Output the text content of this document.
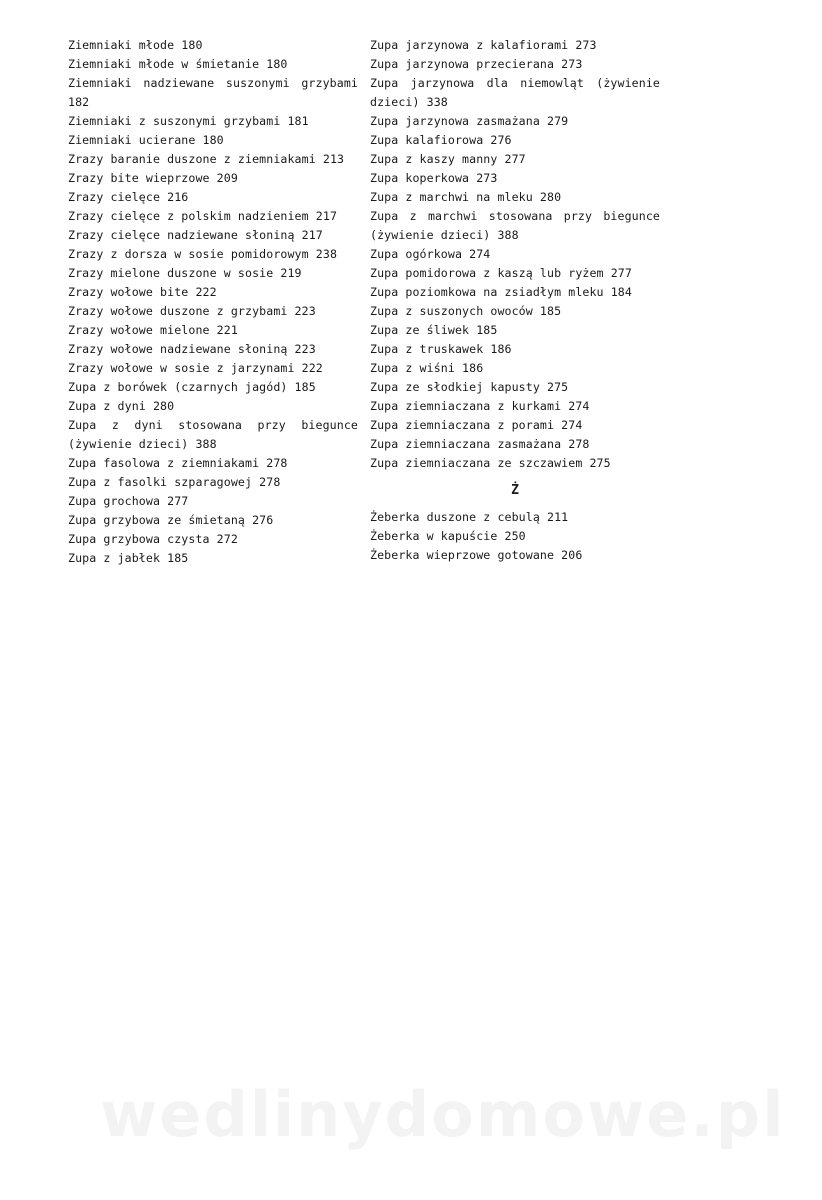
Ziemniaki młode 180
Ziemniaki młode w śmietanie 180
Ziemniaki nadziewane suszonymi grzybami 182
Ziemniaki z suszonymi grzybami 181
Ziemniaki ucierane 180
Zrazy baranie duszone z ziemniakami 213
Zrazy bite wieprzowe 209
Zrazy cielęce 216
Zrazy cielęce z polskim nadzieniem 217
Zrazy cielęce nadziewane słoniną 217
Zrazy z dorsza w sosie pomidorowym 238
Zrazy mielone duszone w sosie 219
Zrazy wołowe bite 222
Zrazy wołowe duszone z grzybami 223
Zrazy wołowe mielone 221
Zrazy wołowe nadziewane słoniną 223
Zrazy wołowe w sosie z jarzynami 222
Zupa z borówek (czarnych jagód) 185
Zupa z dyni 280
Zupa z dyni stosowana przy biegunce (żywienie dzieci) 388
Zupa fasolowa z ziemniakami 278
Zupa z fasolki szparagowej 278
Zupa grochowa 277
Zupa grzybowa ze śmietaną 276
Zupa grzybowa czysta 272
Zupa z jabłek 185
Zupa jarzynowa z kalafiorami 273
Zupa jarzynowa przecierana 273
Zupa jarzynowa dla niemowląt (żywienie dzieci) 338
Zupa jarzynowa zasmażana 279
Zupa kalafiorowa 276
Zupa z kaszy manny 277
Zupa koperkowa 273
Zupa z marchwi na mleku 280
Zupa z marchwi stosowana przy biegunce (żywienie dzieci) 388
Zupa ogórkowa 274
Zupa pomidorowa z kaszą lub ryżem 277
Zupa poziomkowa na zsiadłym mleku 184
Zupa z suszonych owoców 185
Zupa ze śliwek 185
Zupa z truskawek 186
Zupa z wiśni 186
Zupa ze słodkiej kapusty 275
Zupa ziemniaczana z kurkami 274
Zupa ziemniaczana z porami 274
Zupa ziemniaczana zasmażana 278
Zupa ziemniaczana ze szczawiem 275
Ż
Żeberka duszone z cebulą 211
Żeberka w kapuście 250
Żeberka wieprzowe gotowane 206
wedlinydomowe.pl
